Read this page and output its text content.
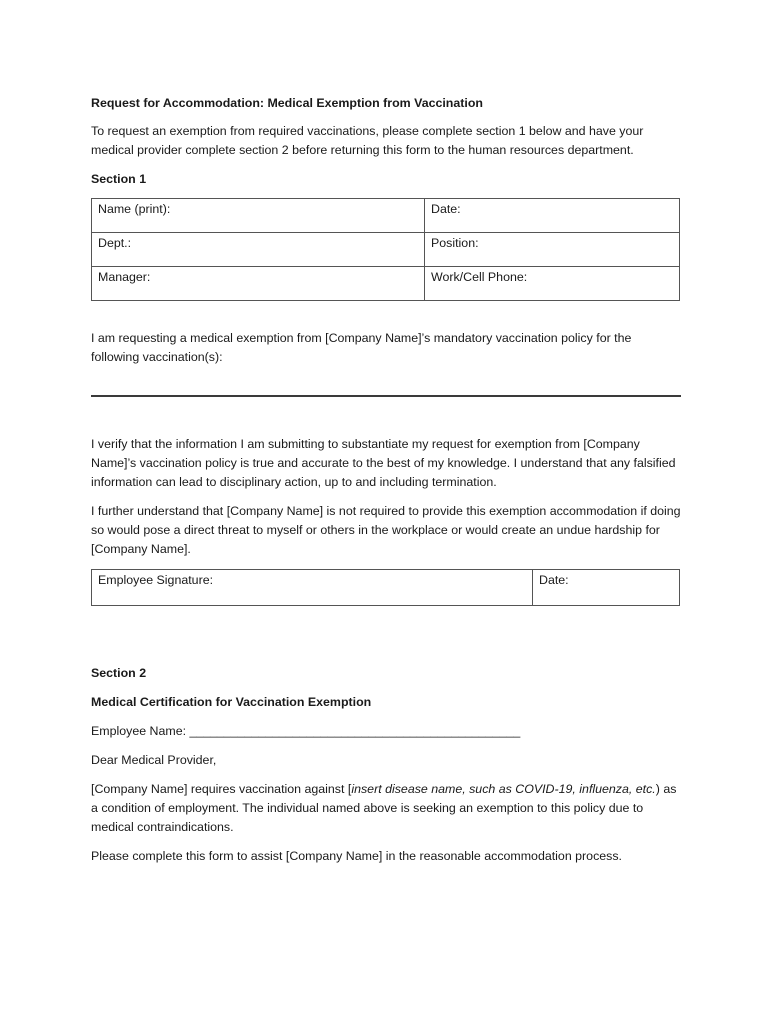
Request for Accommodation: Medical Exemption from Vaccination

To request an exemption from required vaccinations, please complete section 1 below and have your medical provider complete section 2 before returning this form to the human resources department.

Section 1

Name (print):	Date:
Dept.:	Position:
Manager:	Work/Cell Phone:

I am requesting a medical exemption from [Company Name]’s mandatory vaccination policy for the following vaccination(s):

I verify that the information I am submitting to substantiate my request for exemption from [Company Name]’s vaccination policy is true and accurate to the best of my knowledge. I understand that any falsified information can lead to disciplinary action, up to and including termination.

I further understand that [Company Name] is not required to provide this exemption accommodation if doing so would pose a direct threat to myself or others in the workplace or would create an undue hardship for [Company Name].

Employee Signature:	Date:

Section 2

Medical Certification for Vaccination Exemption

Employee Name: ________________________________________________

Dear Medical Provider,

[Company Name] requires vaccination against [insert disease name, such as COVID-19, influenza, etc.) as a condition of employment. The individual named above is seeking an exemption to this policy due to medical contraindications.

Please complete this form to assist [Company Name] in the reasonable accommodation process.
